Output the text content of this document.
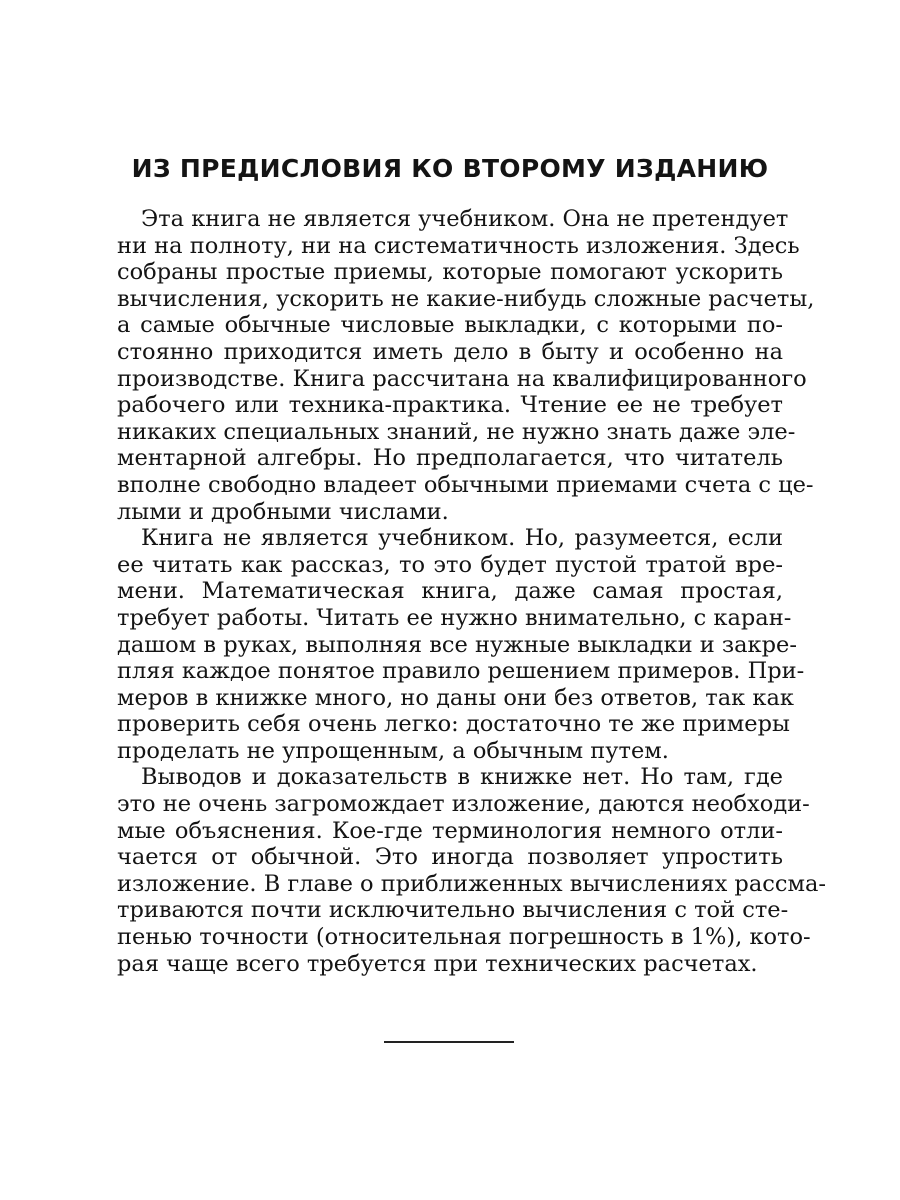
ИЗ ПРЕДИСЛОВИЯ КО ВТОРОМУ ИЗДАНИЮ

Эта книга не является учебником. Она не претендует
ни на полноту, ни на систематичность изложения. Здесь
собраны простые приемы, которые помогают ускорить
вычисления, ускорить не какие-нибудь сложные расчеты,
а самые обычные числовые выкладки, с которыми по-
стоянно приходится иметь дело в быту и особенно на
производстве. Книга рассчитана на квалифицированного
рабочего или техника-практика. Чтение ее не требует
никаких специальных знаний, не нужно знать даже эле-
ментарной алгебры. Но предполагается, что читатель
вполне свободно владеет обычными приемами счета с це-
лыми и дробными числами.

Книга не является учебником. Но, разумеется, если
ее читать как рассказ, то это будет пустой тратой вре-
мени. Математическая книга, даже самая простая,
требует работы. Читать ее нужно внимательно, с каран-
дашом в руках, выполняя все нужные выкладки и закре-
пляя каждое понятое правило решением примеров. При-
меров в книжке много, но даны они без ответов, так как
проверить себя очень легко: достаточно те же примеры
проделать не упрощенным, а обычным путем.

Выводов и доказательств в книжке нет. Но там, где
это не очень загромождает изложение, даются необходи-
мые объяснения. Кое-где терминология немного отли-
чается от обычной. Это иногда позволяет упростить
изложение. В главе о приближенных вычислениях рассма-
триваются почти исключительно вычисления с той сте-
пенью точности (относительная погрешность в 1%), кото-
рая чаще всего требуется при технических расчетах.
